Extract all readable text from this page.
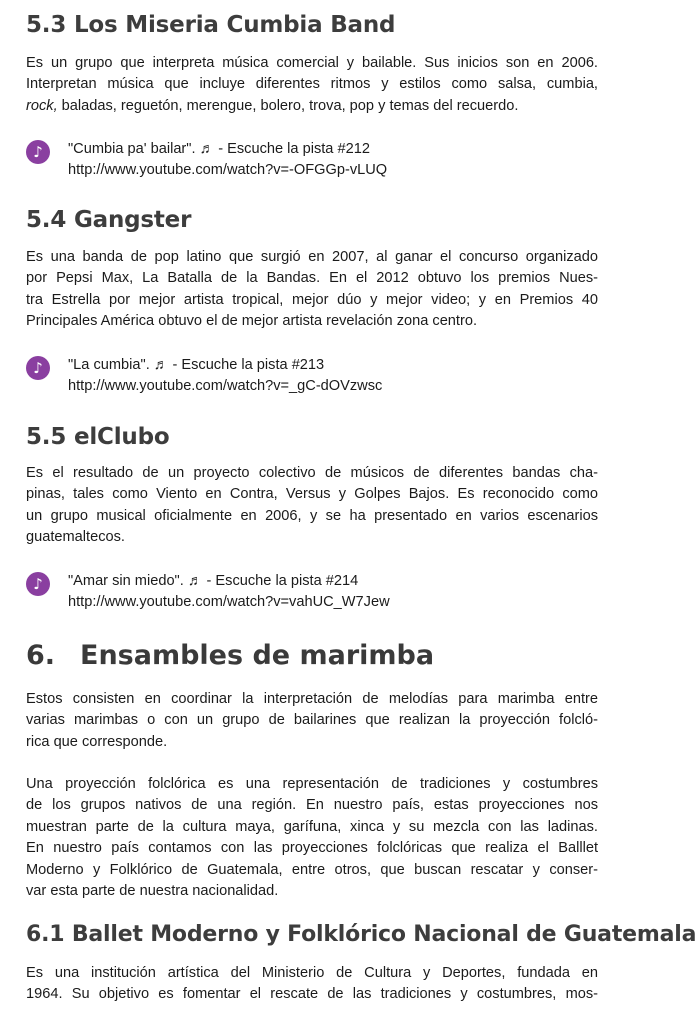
5.3 Los Miseria Cumbia Band

Es un grupo que interpreta música comercial y bailable. Sus inicios son en 2006.
Interpretan música que incluye diferentes ritmos y estilos como salsa, cumbia,
rock, baladas, reguetón, merengue, bolero, trova, pop y temas del recuerdo.

♪	"Cumbia pa' bailar". ♬ - Escuche la pista #212
http://www.youtube.com/watch?v=-OFGGp-vLUQ
5.4 Gangster

Es una banda de pop latino que surgió en 2007, al ganar el concurso organizado
por Pepsi Max, La Batalla de la Bandas. En el 2012 obtuvo los premios Nues-
tra Estrella por mejor artista tropical, mejor dúo y mejor video; y en Premios 40
Principales América obtuvo el de mejor artista revelación zona centro.

♪	"La cumbia". ♬ - Escuche la pista #213
http://www.youtube.com/watch?v=_gC-dOVzwsc
5.5 elClubo

Es el resultado de un proyecto colectivo de músicos de diferentes bandas cha-
pinas, tales como Viento en Contra, Versus y Golpes Bajos. Es reconocido como
un grupo musical oficialmente en 2006, y se ha presentado en varios escenarios
guatemaltecos.

♪	"Amar sin miedo". ♬ - Escuche la pista #214
http://www.youtube.com/watch?v=vahUC_W7Jew
6. Ensambles de marimba

Estos consisten en coordinar la interpretación de melodías para marimba entre
varias marimbas o con un grupo de bailarines que realizan la proyección folcló-
rica que corresponde.

Una proyección folclórica es una representación de tradiciones y costumbres
de los grupos nativos de una región. En nuestro país, estas proyecciones nos
muestran parte de la cultura maya, garífuna, xinca y su mezcla con las ladinas.
En nuestro país contamos con las proyecciones folclóricas que realiza el Balllet
Moderno y Folklórico de Guatemala, entre otros, que buscan rescatar y conser-
var esta parte de nuestra nacionalidad.

6.1 Ballet Moderno y Folklórico Nacional de Guatemala

Es una institución artística del Ministerio de Cultura y Deportes, fundada en
1964. Su objetivo es fomentar el rescate de las tradiciones y costumbres, mos-
